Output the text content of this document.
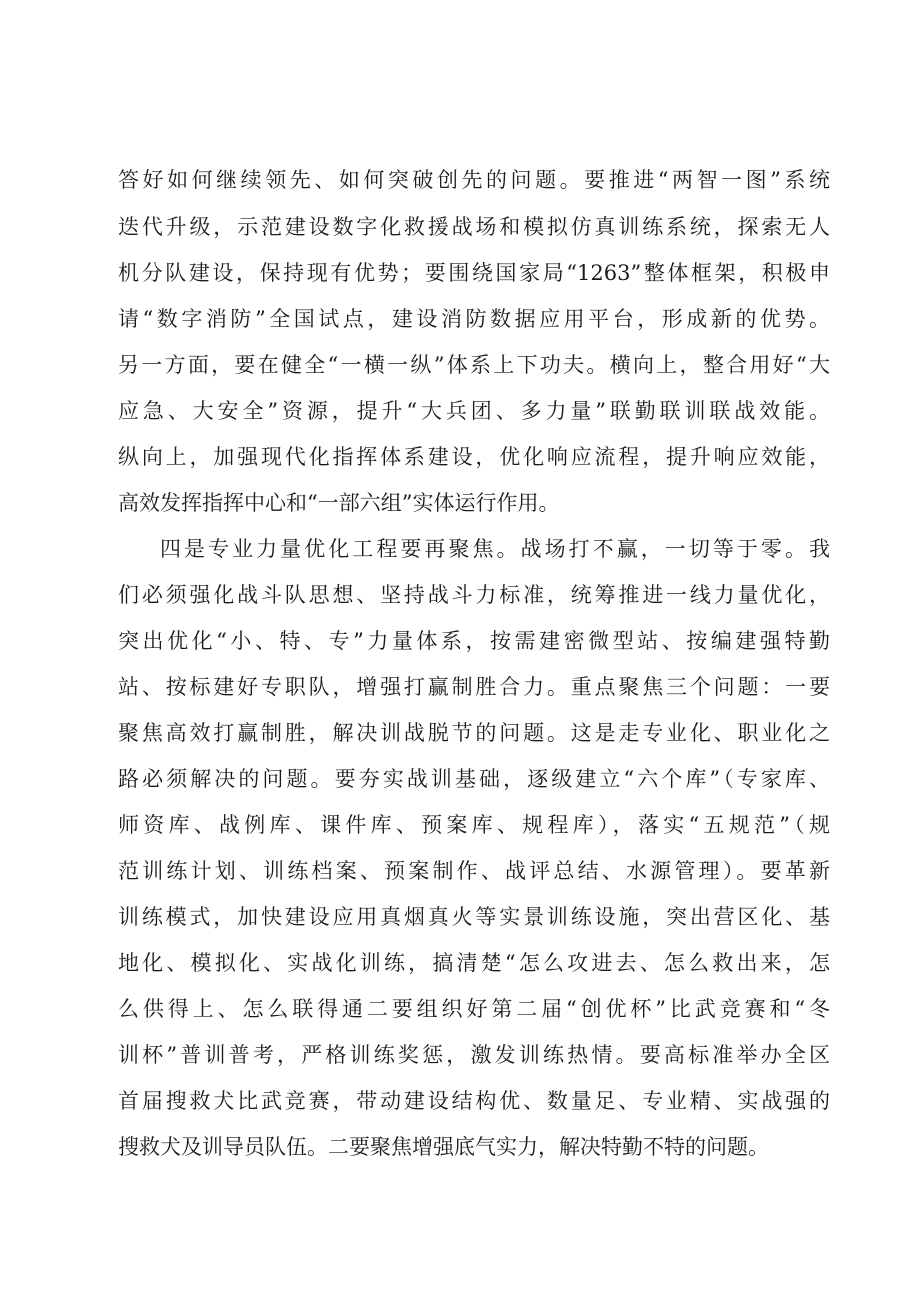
答好如何继续领先、如何突破创先的问题。要推进“两智一图”系统
迭代升级，示范建设数字化救援战场和模拟仿真训练系统，探索无人
机分队建设，保持现有优势；要围绕国家局“1263”整体框架，积极申
请“数字消防”全国试点，建设消防数据应用平台，形成新的优势。
另一方面，要在健全“一横一纵”体系上下功夫。横向上，整合用好“大
应急、大安全”资源，提升“大兵团、多力量”联勤联训联战效能。
纵向上，加强现代化指挥体系建设，优化响应流程，提升响应效能，
高效发挥指挥中心和“一部六组”实体运行作用。
四是专业力量优化工程要再聚焦。战场打不赢，一切等于零。我
们必须强化战斗队思想、坚持战斗力标准，统筹推进一线力量优化，
突出优化“小、特、专”力量体系，按需建密微型站、按编建强特勤
站、按标建好专职队，增强打赢制胜合力。重点聚焦三个问题：一要
聚焦高效打赢制胜，解决训战脱节的问题。这是走专业化、职业化之
路必须解决的问题。要夯实战训基础，逐级建立“六个库”（专家库、
师资库、战例库、课件库、预案库、规程库），落实“五规范”（规
范训练计划、训练档案、预案制作、战评总结、水源管理）。要革新
训练模式，加快建设应用真烟真火等实景训练设施，突出营区化、基
地化、模拟化、实战化训练，搞清楚“怎么攻进去、怎么救出来，怎
么供得上、怎么联得通二要组织好第二届“创优杯”比武竞赛和“冬
训杯”普训普考，严格训练奖惩，激发训练热情。要高标准举办全区
首届搜救犬比武竞赛，带动建设结构优、数量足、专业精、实战强的
搜救犬及训导员队伍。二要聚焦增强底气实力，解决特勤不特的问题。
